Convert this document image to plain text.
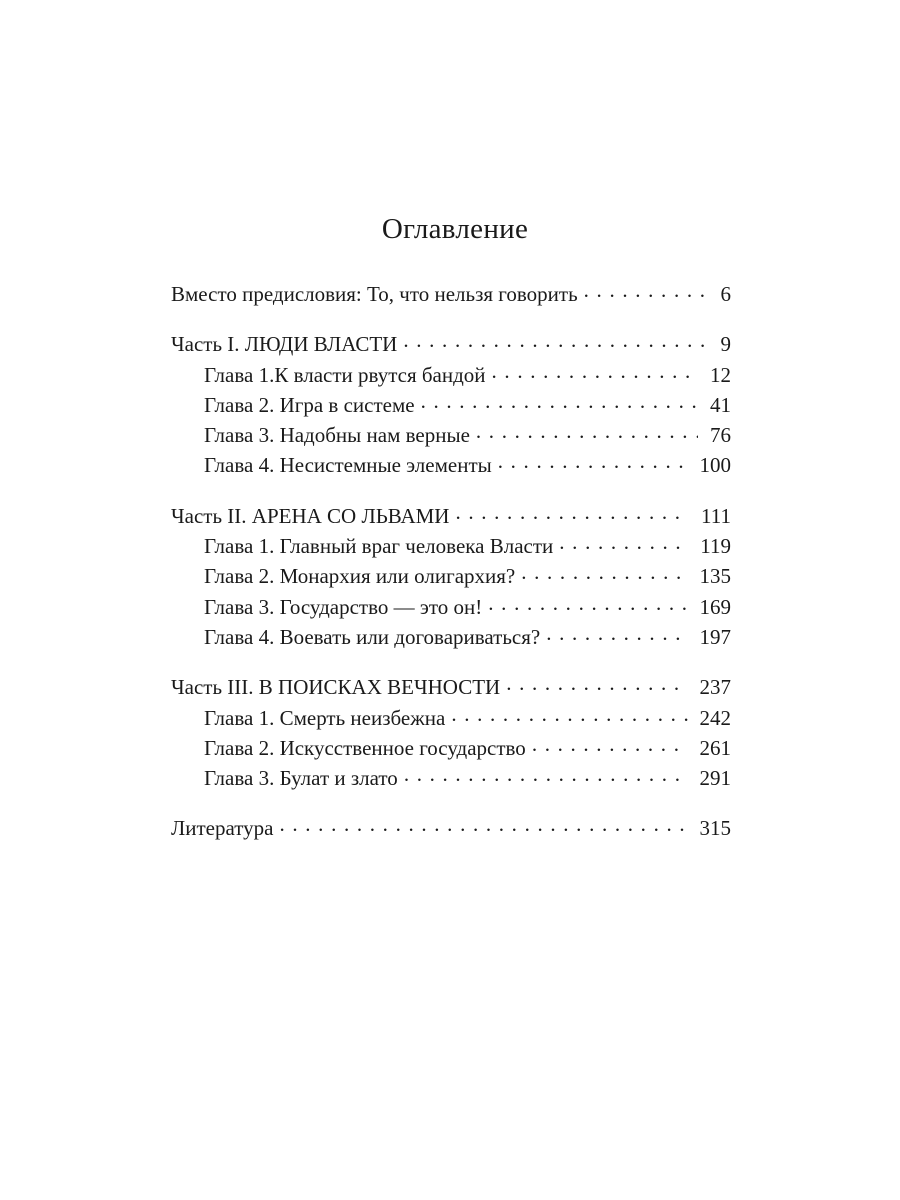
Оглавление
Вместо предисловия: То, что нельзя говорить . . .	6
Часть I. ЛЮДИ ВЛАСТИ . . .	9
Глава 1.К власти рвутся бандой . . .	12
Глава 2. Игра в системе . . .	41
Глава 3. Надобны нам верные . . .	76
Глава 4. Несистемные элементы . . .	100
Часть II. АРЕНА СО ЛЬВАМИ . . .	111
Глава 1. Главный враг человека Власти . . .	119
Глава 2. Монархия или олигархия? . . .	135
Глава 3. Государство — это он! . . .	169
Глава 4. Воевать или договариваться? . . .	197
Часть III. В ПОИСКАХ ВЕЧНОСТИ . . .	237
Глава 1. Смерть неизбежна . . .	242
Глава 2. Искусственное государство . . .	261
Глава 3. Булат и злато . . .	291
Литература . . .	315
